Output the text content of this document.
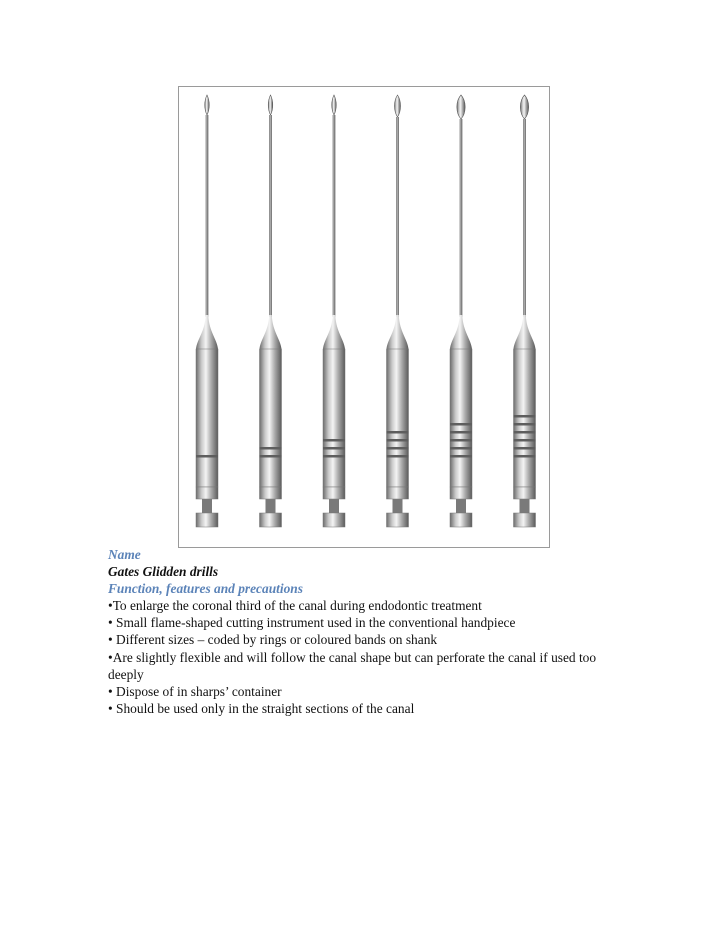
Name
Gates Glidden drills
Function, features and precautions
•To enlarge the coronal third of the canal during endodontic treatment
• Small flame-shaped cutting instrument used in the conventional handpiece
• Different sizes – coded by rings or coloured bands on shank
•Are slightly flexible and will follow the canal shape but can perforate the canal if used too deeply
• Dispose of in sharps’ container
• Should be used only in the straight sections of the canal
